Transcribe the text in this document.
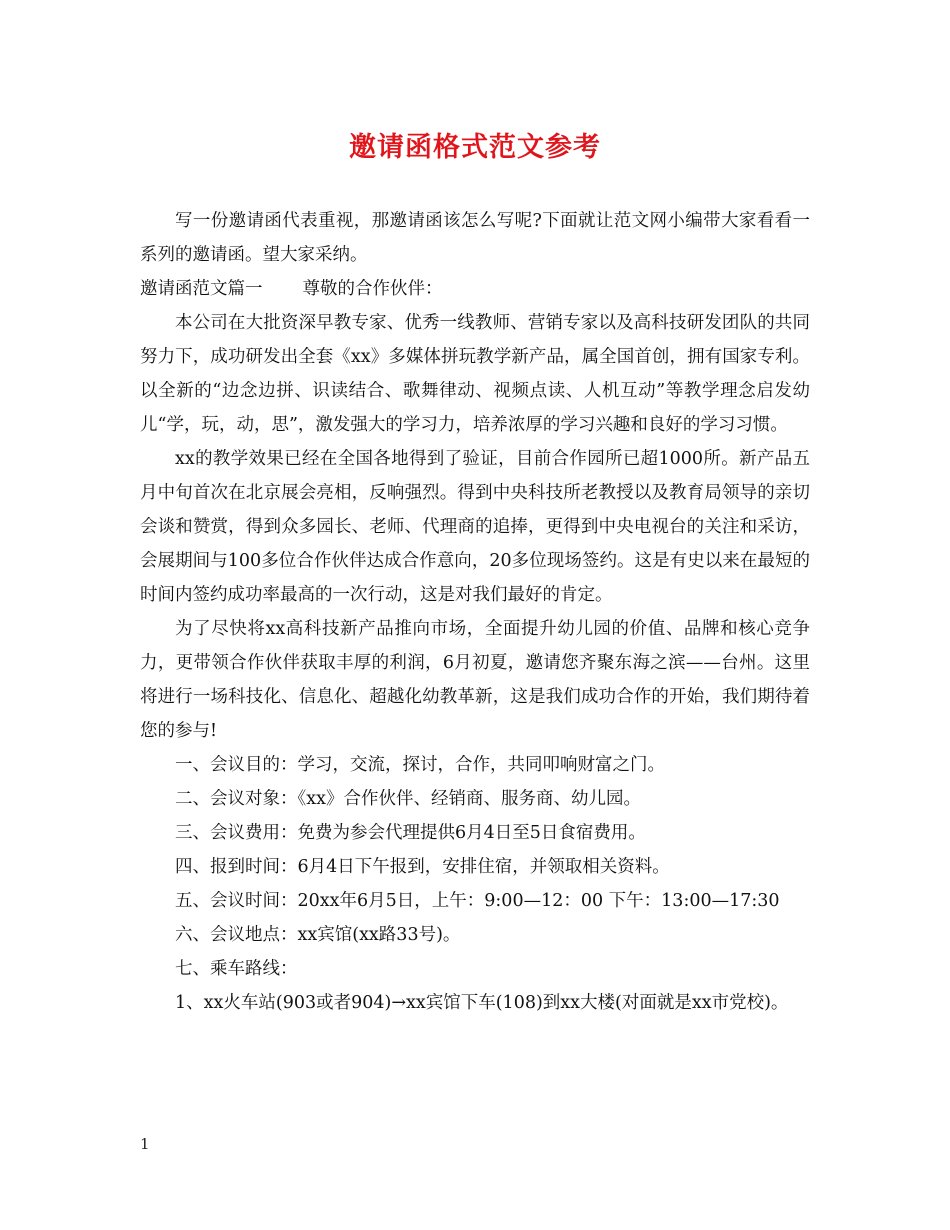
邀请函格式范文参考

写一份邀请函代表重视，那邀请函该怎么写呢?下面就让范文网小编带大家看看一系列的邀请函。望大家采纳。

邀请函范文篇一 尊敬的合作伙伴：

本公司在大批资深早教专家、优秀一线教师、营销专家以及高科技研发团队的共同努力下，成功研发出全套《xx》多媒体拼玩教学新产品，属全国首创，拥有国家专利。以全新的“边念边拼、识读结合、歌舞律动、视频点读、人机互动”等教学理念启发幼儿“学，玩，动，思”，激发强大的学习力，培养浓厚的学习兴趣和良好的学习习惯。

xx的教学效果已经在全国各地得到了验证，目前合作园所已超1000所。新产品五月中旬首次在北京展会亮相，反响强烈。得到中央科技所老教授以及教育局领导的亲切会谈和赞赏，得到众多园长、老师、代理商的追捧，更得到中央电视台的关注和采访，会展期间与100多位合作伙伴达成合作意向，20多位现场签约。这是有史以来在最短的时间内签约成功率最高的一次行动，这是对我们最好的肯定。

为了尽快将xx高科技新产品推向市场，全面提升幼儿园的价值、品牌和核心竞争力，更带领合作伙伴获取丰厚的利润，6月初夏，邀请您齐聚东海之滨——台州。这里将进行一场科技化、信息化、超越化幼教革新，这是我们成功合作的开始，我们期待着您的参与!

一、会议目的：学习，交流，探讨，合作，共同叩响财富之门。

二、会议对象：《xx》合作伙伴、经销商、服务商、幼儿园。

三、会议费用：免费为参会代理提供6月4日至5日食宿费用。

四、报到时间：6月4日下午报到，安排住宿，并领取相关资料。

五、会议时间：20xx年6月5日，上午：9:00—12：00 下午：13:00—17:30

六、会议地点：xx宾馆(xx路33号)。

七、乘车路线：

1、xx火车站(903或者904)→xx宾馆下车(108)到xx大楼(对面就是xx市党校)。

1
